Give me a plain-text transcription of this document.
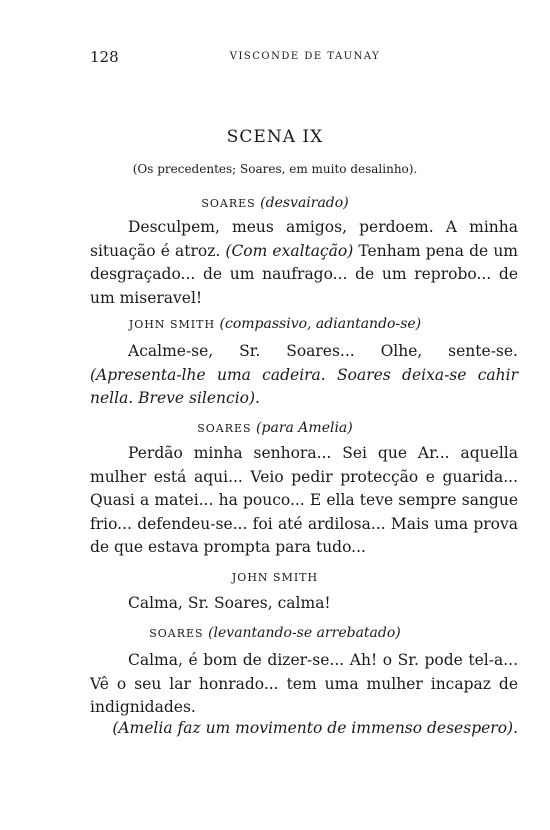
128	VISCONDE DE TAUNAY
SCENA IX
(Os precedentes; Soares, em muito desalinho).
SOARES (desvairado)

Desculpem, meus amigos, perdoem. A minha situação é atroz. (Com exaltação) Tenham pena de um desgraçado... de um naufrago... de um reprobo... de um miseravel!

JOHN SMITH (compassivo, adiantando-se)

Acalme-se, Sr. Soares... Olhe, sente-se. (Apresenta-lhe uma cadeira. Soares deixa-se cahir nella. Breve silencio).

SOARES (para Amelia)

Perdão minha senhora... Sei que Ar... aquella mulher está aqui... Veio pedir protecção e guarida... Quasi a matei... ha pouco... E ella teve sempre sangue frio... defendeu-se... foi até ardilosa... Mais uma prova de que estava prompta para tudo...

JOHN SMITH

Calma, Sr. Soares, calma!

SOARES (levantando-se arrebatado)

Calma, é bom de dizer-se... Ah! o Sr. pode tel-a... Vê o seu lar honrado... tem uma mulher incapaz de indignidades.

(Amelia faz um movimento de immenso desespero).
